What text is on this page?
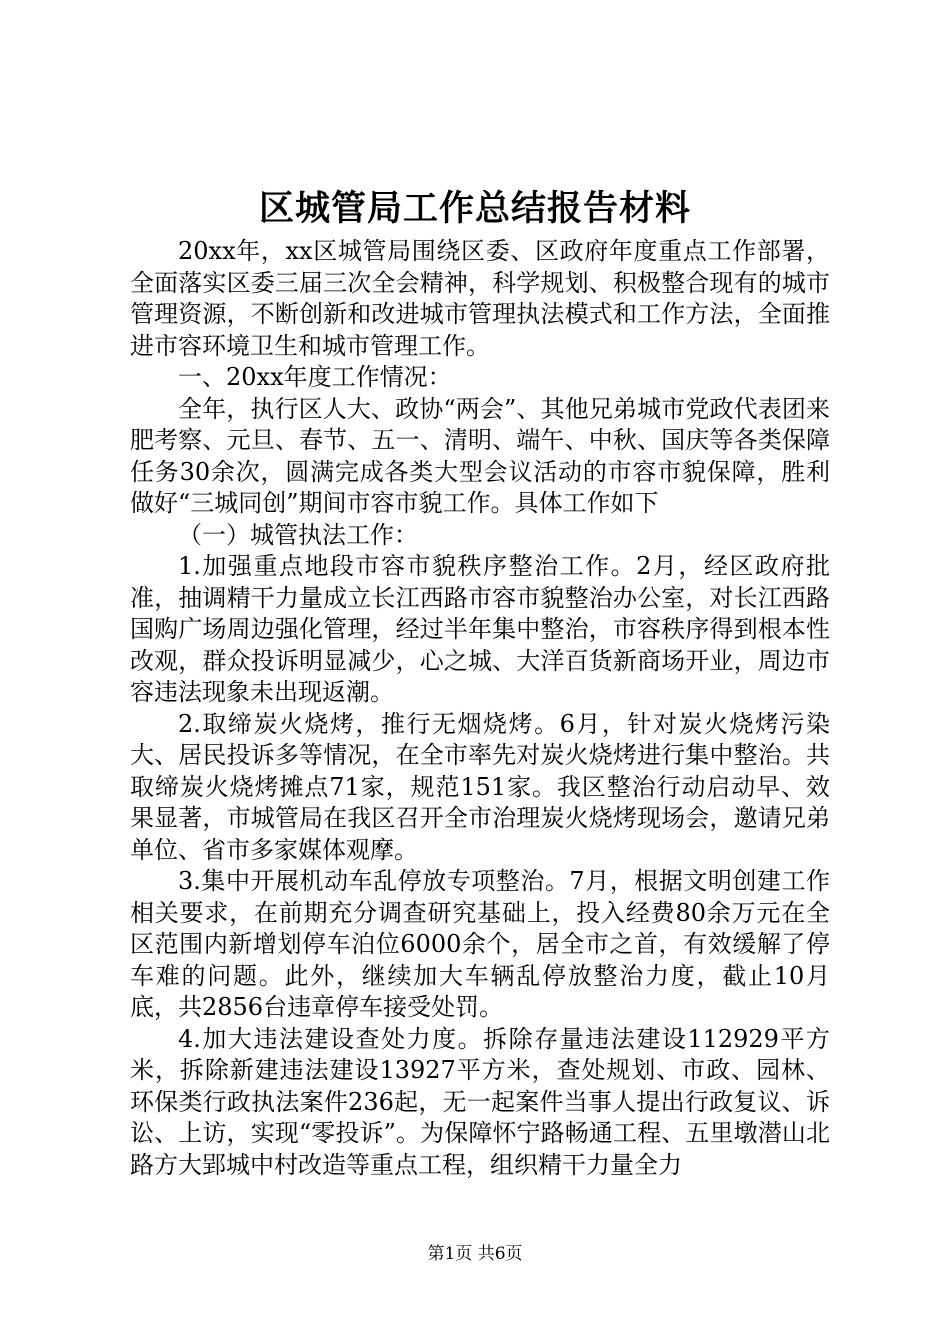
区城管局工作总结报告材料

20xx年，xx区城管局围绕区委、区政府年度重点工作部署，全面落实区委三届三次全会精神，科学规划、积极整合现有的城市管理资源，不断创新和改进城市管理执法模式和工作方法，全面推进市容环境卫生和城市管理工作。

一、20xx年度工作情况：

全年，执行区人大、政协“两会”、其他兄弟城市党政代表团来肥考察、元旦、春节、五一、清明、端午、中秋、国庆等各类保障任务30余次，圆满完成各类大型会议活动的市容市貌保障，胜利做好“三城同创”期间市容市貌工作。具体工作如下

（一）城管执法工作：

1.加强重点地段市容市貌秩序整治工作。2月，经区政府批准，抽调精干力量成立长江西路市容市貌整治办公室，对长江西路国购广场周边强化管理，经过半年集中整治，市容秩序得到根本性改观，群众投诉明显减少，心之城、大洋百货新商场开业，周边市容违法现象未出现返潮。

2.取缔炭火烧烤，推行无烟烧烤。6月，针对炭火烧烤污染大、居民投诉多等情况，在全市率先对炭火烧烤进行集中整治。共取缔炭火烧烤摊点71家，规范151家。我区整治行动启动早、效果显著，市城管局在我区召开全市治理炭火烧烤现场会，邀请兄弟单位、省市多家媒体观摩。

3.集中开展机动车乱停放专项整治。7月，根据文明创建工作相关要求，在前期充分调查研究基础上，投入经费80余万元在全区范围内新增划停车泊位6000余个，居全市之首，有效缓解了停车难的问题。此外，继续加大车辆乱停放整治力度，截止10月底，共2856台违章停车接受处罚。

4.加大违法建设查处力度。拆除存量违法建设112929平方米，拆除新建违法建设13927平方米，查处规划、市政、园林、环保类行政执法案件236起，无一起案件当事人提出行政复议、诉讼、上访，实现“零投诉”。为保障怀宁路畅通工程、五里墩潜山北路方大郢城中村改造等重点工程，组织精干力量全力

第1页 共6页
